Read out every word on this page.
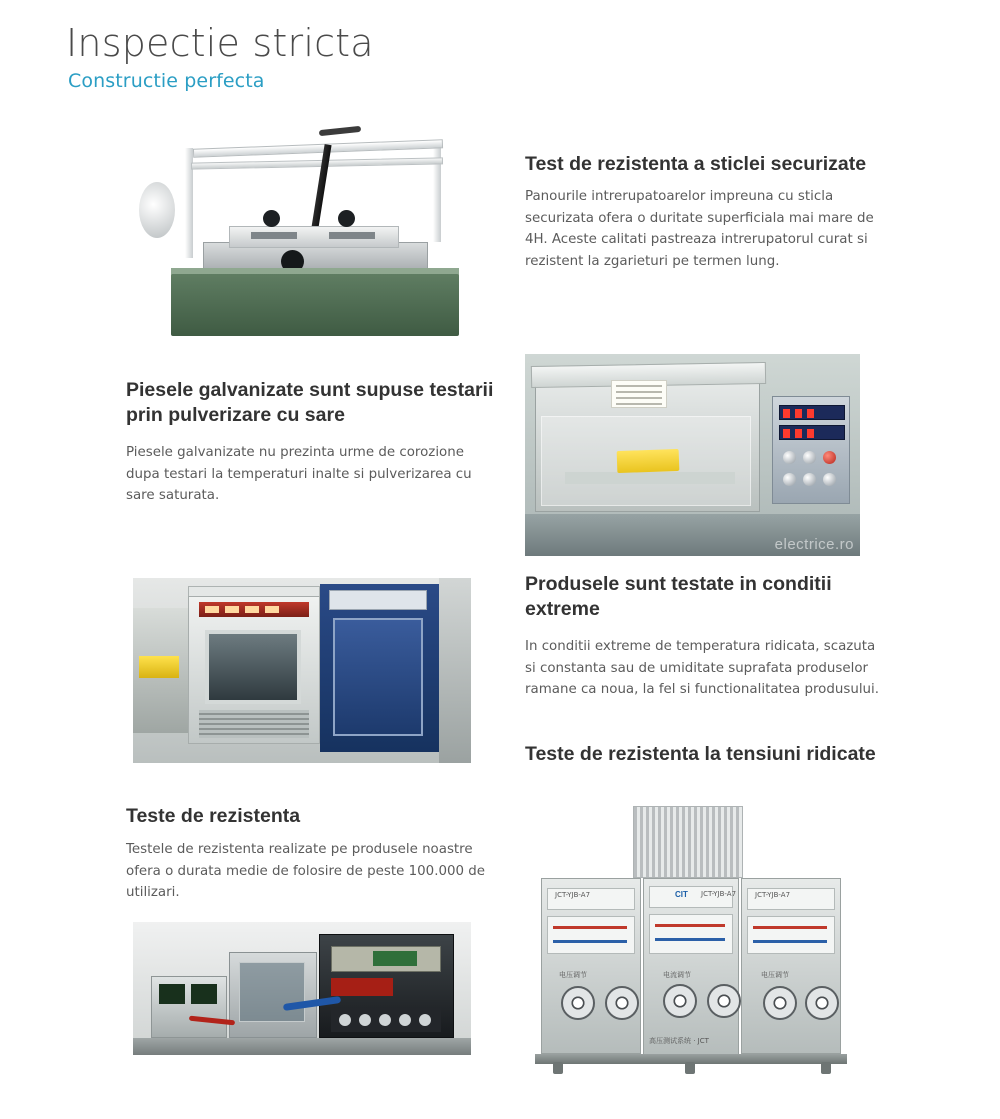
Inspectie stricta
Constructie perfecta
Test de rezistenta a sticlei securizate

Panourile intrerupatoarelor impreuna cu sticla securizata ofera o duritate superficiala mai mare de 4H. Aceste calitati pastreaza intrerupatorul curat si rezistent la zgarieturi pe termen lung.

Piesele galvanizate sunt supuse testarii prin pulverizare cu sare

Piesele galvanizate nu prezinta urme de corozione dupa testari la temperaturi inalte si pulverizarea cu sare saturata.

electrice.ro
Produsele sunt testate in conditii extreme

In conditii extreme de temperatura ridicata, scazuta si constanta sau de umiditate suprafata produselor ramane ca noua, la fel si functionalitatea produsului.

Teste de rezistenta

Testele de rezistenta realizate pe produsele noastre ofera o durata medie de folosire de peste 100.000 de utilizari.

Teste de rezistenta la tensiuni ridicate
CIT JCT-YJB-A7
JCT-YJB-A7	JCT-YJB-A7
电压调节	电流调节	电压调节
高压测试系统 · JCT
